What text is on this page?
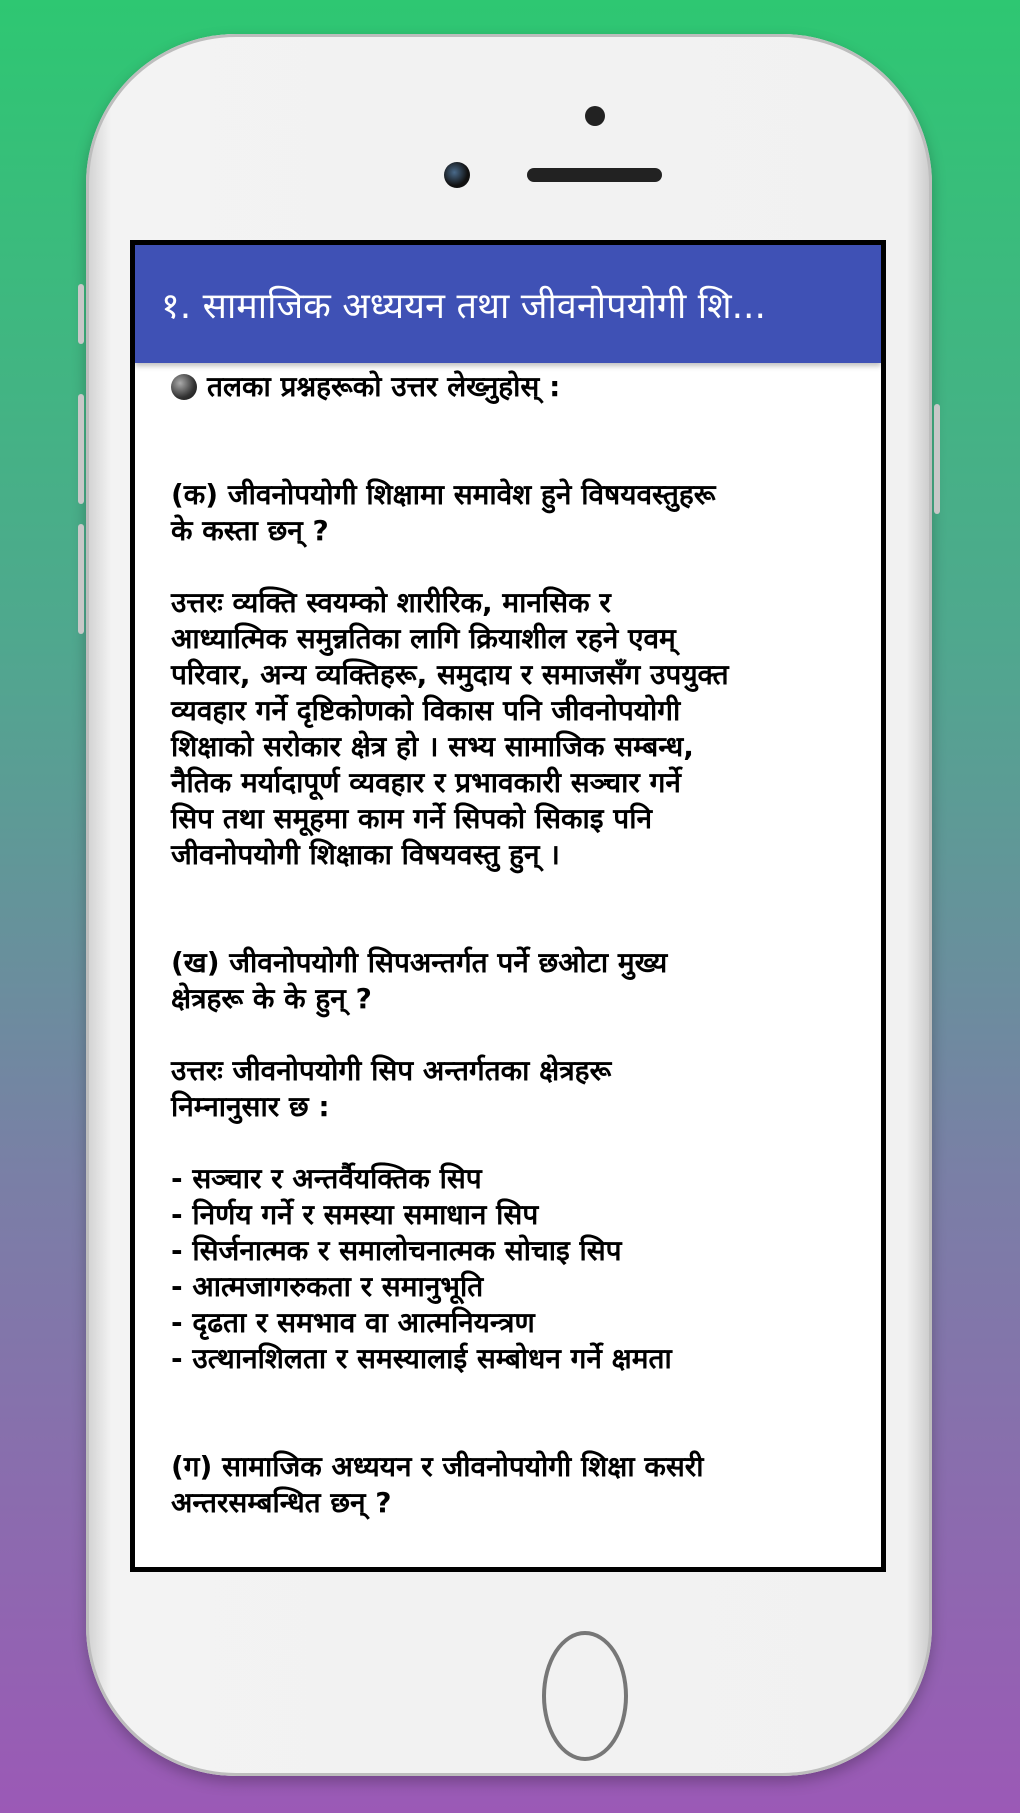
१. सामाजिक अध्ययन तथा जीवनोपयोगी शि...
तलका प्रश्नहरूको उत्तर लेख्नुहोस् :
(क) जीवनोपयोगी शिक्षामा समावेश हुने विषयवस्तुहरू
के कस्ता छन् ?
उत्तरः व्यक्ति स्वयम्को शारीरिक, मानसिक र
आध्यात्मिक समुन्नतिका लागि क्रियाशील रहने एवम्
परिवार, अन्य व्यक्तिहरू, समुदाय र समाजसँग उपयुक्त
व्यवहार गर्ने दृष्टिकोणको विकास पनि जीवनोपयोगी
शिक्षाको सरोकार क्षेत्र हो । सभ्य सामाजिक सम्बन्ध,
नैतिक मर्यादापूर्ण व्यवहार र प्रभावकारी सञ्चार गर्ने
सिप तथा समूहमा काम गर्ने सिपको सिकाइ पनि
जीवनोपयोगी शिक्षाका विषयवस्तु हुन् ।
(ख) जीवनोपयोगी सिपअन्तर्गत पर्ने छओटा मुख्य
क्षेत्रहरू के के हुन् ?
उत्तरः जीवनोपयोगी सिप अन्तर्गतका क्षेत्रहरू
निम्नानुसार छ :
- सञ्चार र अन्तर्वैयक्तिक सिप
- निर्णय गर्ने र समस्या समाधान सिप
- सिर्जनात्मक र समालोचनात्मक सोचाइ सिप
- आत्मजागरुकता र समानुभूति
- दृढता र समभाव वा आत्मनियन्त्रण
- उत्थानशिलता र समस्यालाई सम्बोधन गर्ने क्षमता
(ग) सामाजिक अध्ययन र जीवनोपयोगी शिक्षा कसरी
अन्तरसम्बन्धित छन् ?
